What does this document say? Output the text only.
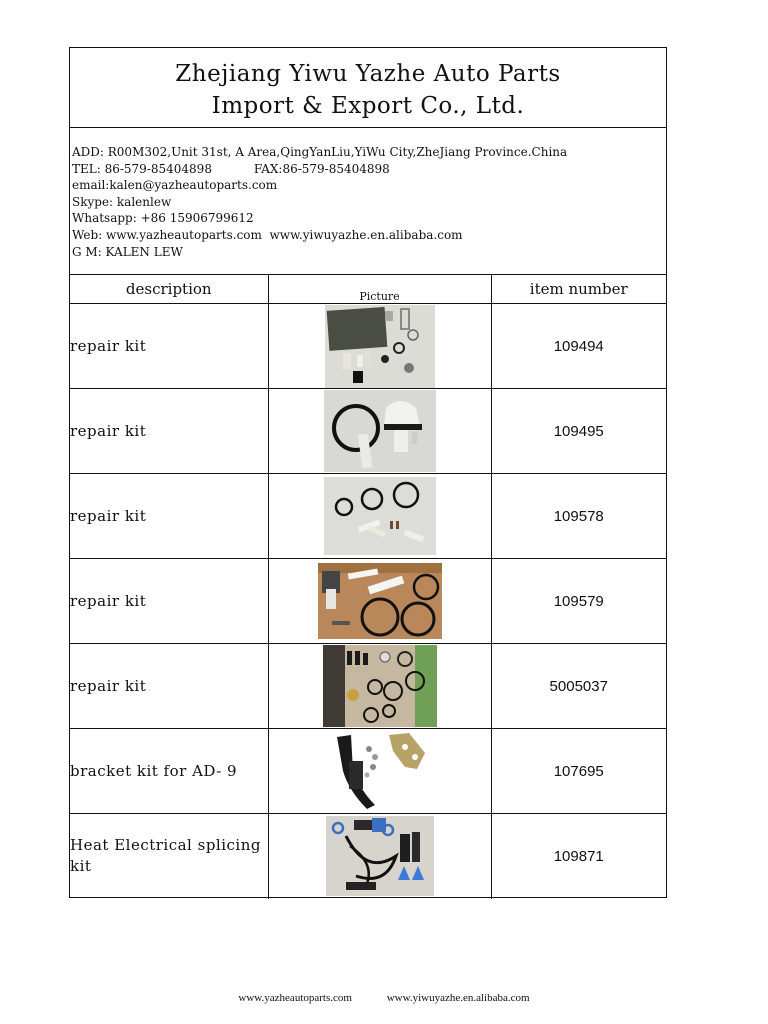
Zhejiang Yiwu Yazhe Auto Parts
Import & Export Co., Ltd.
ADD: R00M302,Unit 31st, A Area,QingYanLiu,YiWu City,ZheJiang Province.China
TEL: 86-579-85404898           FAX:86-579-85404898
email:kalen@yazheautoparts.com
Skype: kalenlew
Whatsapp: +86 15906799612
Web: www.yazheautoparts.com  www.yiwuyazhe.en.alibaba.com
G M: KALEN LEW
description	Picture	item number
repair kit		109494
repair kit		109495
repair kit		109578
repair kit		109579
repair kit		5005037
bracket kit for AD- 9		107695
Heat Electrical splicing kit		109871
www.yazheautoparts.com	www.yiwuyazhe.en.alibaba.com
